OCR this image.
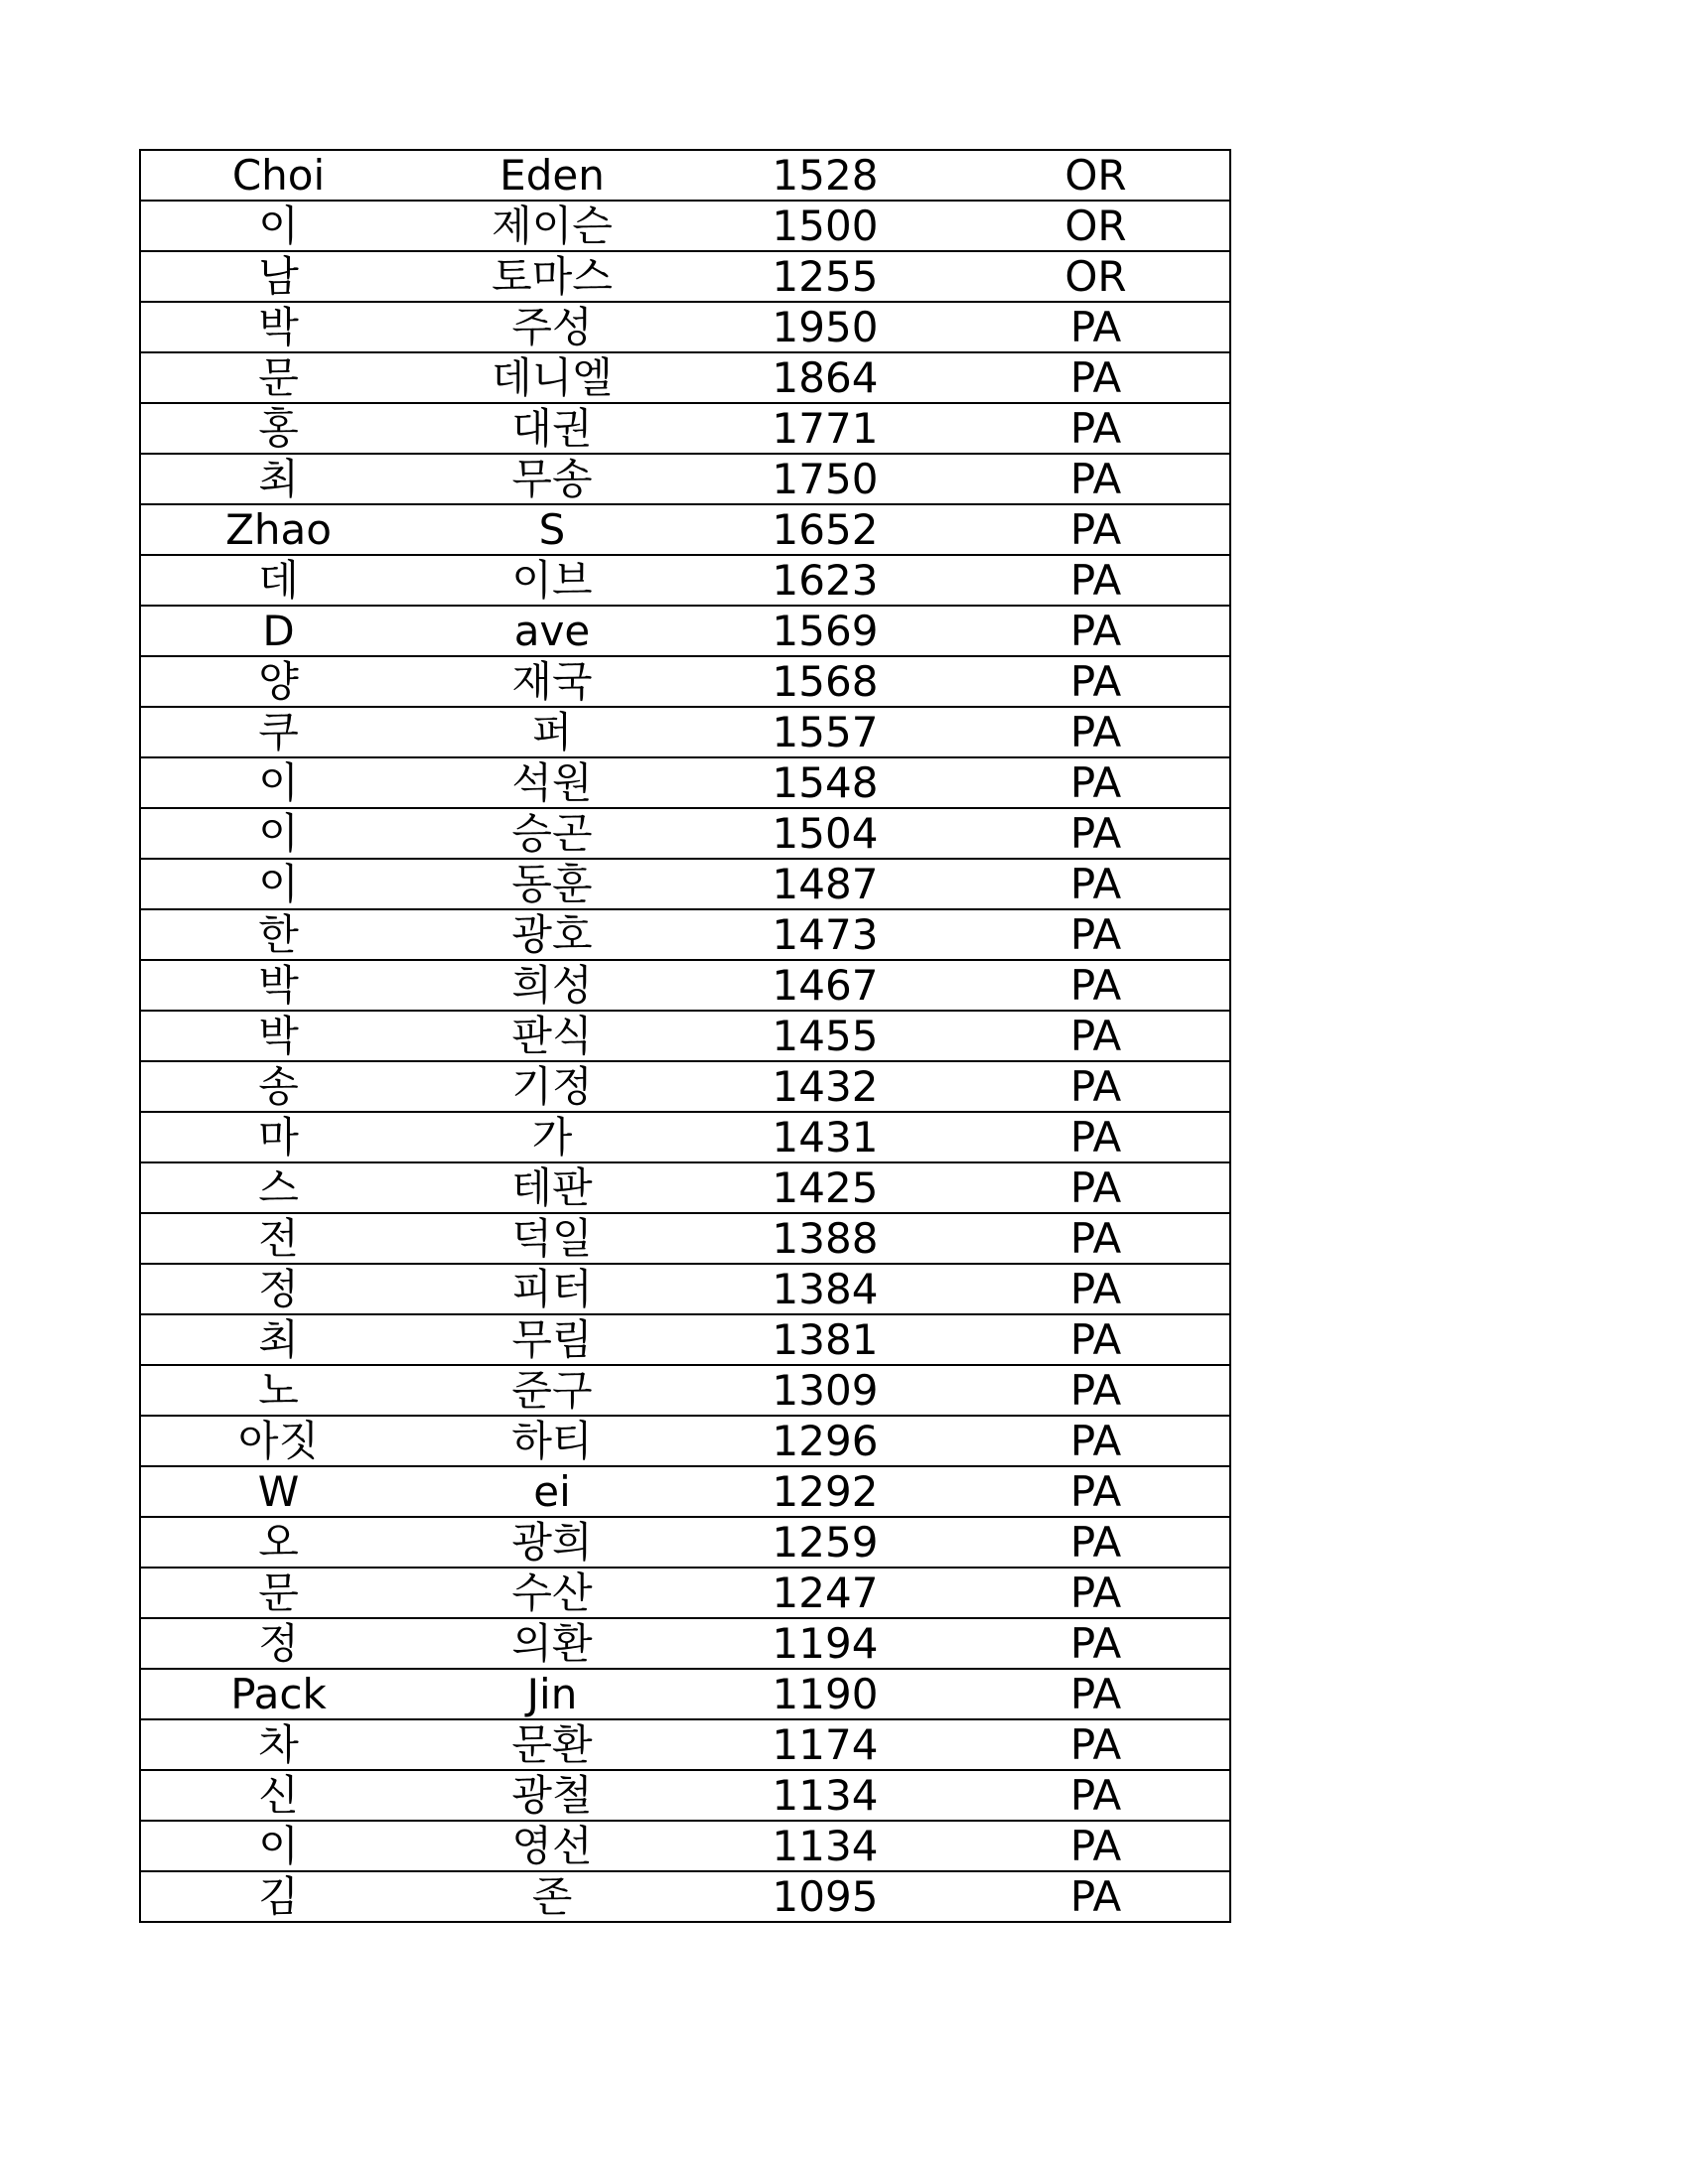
Choi	Eden	1528	OR
이	제이슨	1500	OR
남	토마스	1255	OR
박	주성	1950	PA
문	데니엘	1864	PA
홍	대권	1771	PA
최	무송	1750	PA
Zhao	S	1652	PA
데	이브	1623	PA
D	ave	1569	PA
양	재국	1568	PA
쿠	퍼	1557	PA
이	석원	1548	PA
이	승곤	1504	PA
이	동훈	1487	PA
한	광호	1473	PA
박	희성	1467	PA
박	판식	1455	PA
송	기정	1432	PA
마	가	1431	PA
스	테판	1425	PA
전	덕일	1388	PA
정	피터	1384	PA
최	무림	1381	PA
노	준구	1309	PA
아짓	하티	1296	PA
W	ei	1292	PA
오	광희	1259	PA
문	수산	1247	PA
정	의환	1194	PA
Pack	Jin	1190	PA
차	문환	1174	PA
신	광철	1134	PA
이	영선	1134	PA
김	존	1095	PA
